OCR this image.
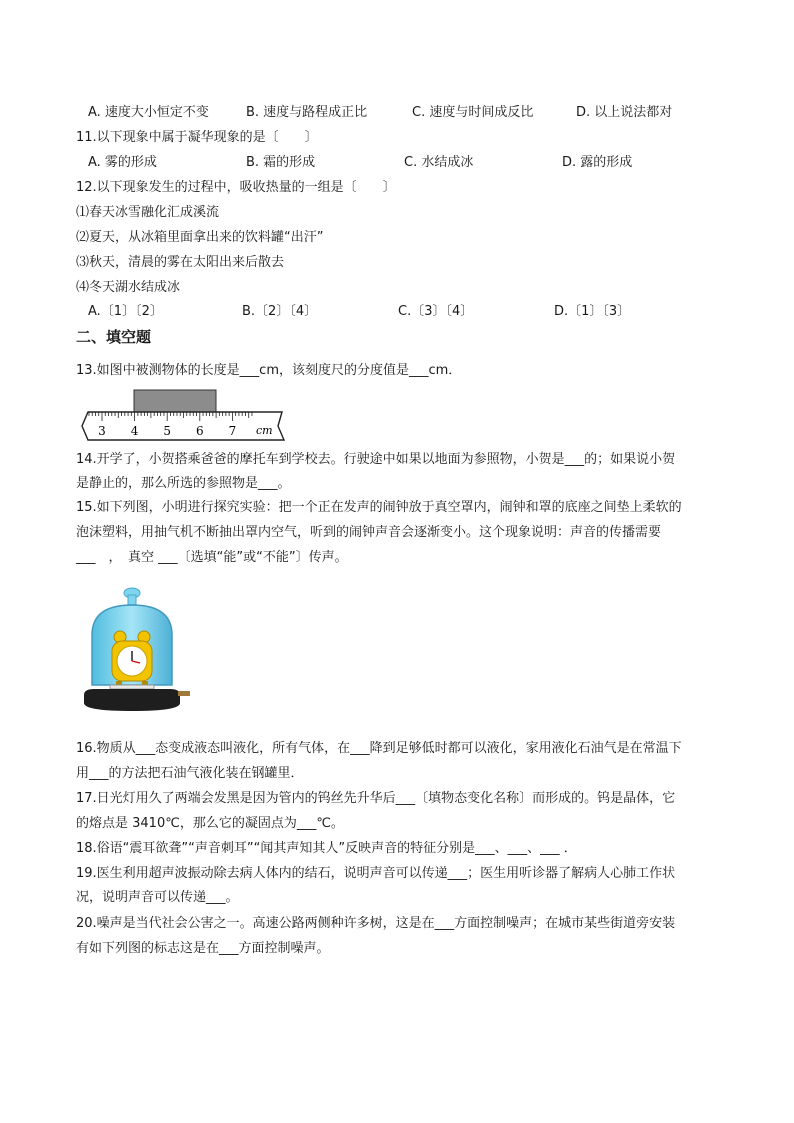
A. 速度大小恒定不变	B. 速度与路程成正比	C. 速度与时间成反比	D. 以上说法都对
11.以下现象中属于凝华现象的是〔　　〕
A. 雾的形成	B. 霜的形成	C. 水结成冰	D. 露的形成
12.以下现象发生的过程中，吸收热量的一组是〔　　〕
⑴春天冰雪融化汇成溪流
⑵夏天，从冰箱里面拿出来的饮料罐“出汗”
⑶秋天，清晨的雾在太阳出来后散去
⑷冬天湖水结成冰
A.〔1〕〔2〕	B.〔2〕〔4〕	C.〔3〕〔4〕	D.〔1〕〔3〕
二、填空题
13.如图中被测物体的长度是___cm，该刻度尺的分度值是___cm．
3 4 5 6 7 cm
14.开学了，小贺搭乘爸爸的摩托车到学校去。行驶途中如果以地面为参照物，小贺是___的；如果说小贺
是静止的，那么所选的参照物是___。
15.如下列图，小明进行探究实验：把一个正在发声的闹钟放于真空罩内，闹钟和罩的底座之间垫上柔软的
泡沫塑料，用抽气机不断抽出罩内空气，听到的闹钟声音会逐渐变小。这个现象说明：声音的传播需要
___　，　真空 ___〔选填“能”或“不能”〕传声。
16.物质从___态变成液态叫液化，所有气体，在___降到足够低时都可以液化，家用液化石油气是在常温下
用___的方法把石油气液化装在钢罐里．
17.日光灯用久了两端会发黑是因为管内的钨丝先升华后___〔填物态变化名称〕而形成的。钨是晶体，它
的熔点是 3410℃，那么它的凝固点为___℃。
18.俗语“震耳欲聋”“声音刺耳”“闻其声知其人”反映声音的特征分别是___、___、___ ．
19.医生利用超声波振动除去病人体内的结石，说明声音可以传递___；医生用听诊器了解病人心肺工作状
况，说明声音可以传递___。
20.噪声是当代社会公害之一。高速公路两侧种许多树，这是在___方面控制噪声；在城市某些街道旁安装
有如下列图的标志这是在___方面控制噪声。
